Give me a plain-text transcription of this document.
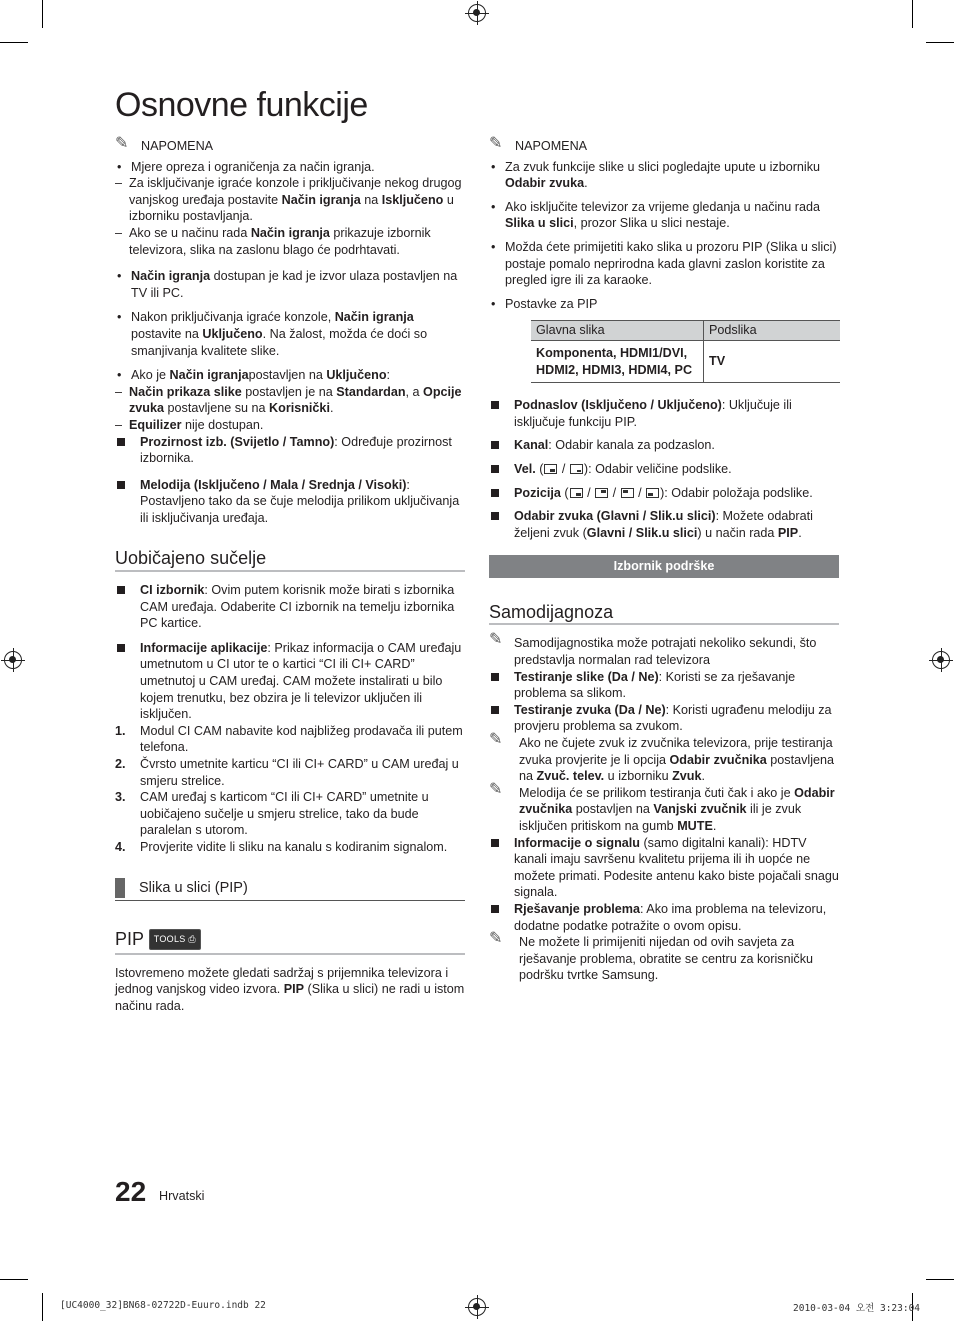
Osnovne funkcije
✎ NAPOMENA

• Mjere opreza i ograničenja za način igranja.

– Za isključivanje igraće konzole i priključivanje nekog drugog vanjskog uređaja postavite Način igranja na Isključeno u izborniku postavljanja.

– Ako se u načinu rada Način igranja prikazuje izbornik televizora, slika na zaslonu blago će podrhtavati.

• Način igranja dostupan je kad je izvor ulaza postavljen na TV ili PC.

• Nakon priključivanja igraće konzole, Način igranja postavite na Uključeno. Na žalost, možda će doći so smanjivanja kvalitete slike.

• Ako je Način igranjapostavljen na Uključeno:

– Način prikaza slike postavljen je na Standardan, a Opcije zvuka postavljene su na Korisnički.

– Equilizer nije dostupan.

Prozirnost izb. (Svijetlo / Tamno): Određuje prozirnost izbornika.

Melodija (Isključeno / Mala / Srednja / Visoki): Postavljeno tako da se čuje melodija prilikom uključivanja ili isključivanja uređaja.

Uobičajeno sučelje

CI izbornik: Ovim putem korisnik može birati s izbornika CAM uređaja. Odaberite CI izbornik na temelju izbornika PC kartice.

Informacije aplikacije: Prikaz informacija o CAM uređaju umetnutom u CI utor te o kartici “CI ili CI+ CARD” umetnutoj u CAM uređaj. CAM možete instalirati u bilo kojem trenutku, bez obzira je li televizor uključen ili isključen.

1. Modul CI CAM nabavite kod najbližeg prodavača ili putem telefona.

2. Čvrsto umetnite karticu “CI ili CI+ CARD” u CAM uređaj u smjeru strelice.

3. CAM uređaj s karticom “CI ili CI+ CARD” umetnite u uobičajeno sučelje u smjeru strelice, tako da bude paralelan s utorom.

4. Provjerite vidite li sliku na kanalu s kodiranim signalom.

Slika u slici (PIP)
PIP TOOLS ⎙

Istovremeno možete gledati sadržaj s prijemnika televizora i jednog vanjskog video izvora. PIP (Slika u slici) ne radi u istom načinu rada.

✎ NAPOMENA

• Za zvuk funkcije slike u slici pogledajte upute u izborniku Odabir zvuka.

• Ako isključite televizor za vrijeme gledanja u načinu rada Slika u slici, prozor Slika u slici nestaje.

• Možda ćete primijetiti kako slika u prozoru PIP (Slika u slici) postaje pomalo neprirodna kada glavni zaslon koristite za pregled igre ili za karaoke.

• Postavke za PIP

Glavna slika	Podslika
Komponenta, HDMI1/DVI, HDMI2, HDMI3, HDMI4, PC	TV

Podnaslov (Isključeno / Uključeno): Uključuje ili isključuje funkciju PIP.

Kanal: Odabir kanala za podzaslon.

Vel. (
/
): Odabir veličine podslike.

Pozicija (
/
/
/
): Odabir položaja podslike.

Odabir zvuka (Glavni / Slik.u slici): Možete odabrati željeni zvuk (Glavni / Slik.u slici) u način rada PIP.

Izbornik podrške
Samodijagnoza

✎ Samodijagnostika može potrajati nekoliko sekundi, što predstavlja normalan rad televizora

Testiranje slike (Da / Ne): Koristi se za rješavanje problema sa slikom.

Testiranje zvuka (Da / Ne): Koristi ugrađenu melodiju za provjeru problema sa zvukom.

✎ Ako ne čujete zvuk iz zvučnika televizora, prije testiranja zvuka provjerite je li opcija Odabir zvučnika postavljena na Zvuč. telev. u izborniku Zvuk.

✎ Melodija će se prilikom testiranja čuti čak i ako je Odabir zvučnika postavljen na Vanjski zvučnik ili je zvuk isključen pritiskom na gumb MUTE.

Informacije o signalu (samo digitalni kanali): HDTV kanali imaju savršenu kvalitetu prijema ili ih uopće ne možete primati. Podesite antenu kako biste pojačali snagu signala.

Rješavanje problema: Ako ima problema na televizoru, dodatne podatke potražite o ovom opisu.

✎ Ne možete li primijeniti nijedan od ovih savjeta za rješavanje problema, obratite se centru za korisničku podršku tvrtke Samsung.

22 Hrvatski
[UC4000_32]BN68-02722D-Euuro.indb 22	2010-03-04 오전 3:23:04
